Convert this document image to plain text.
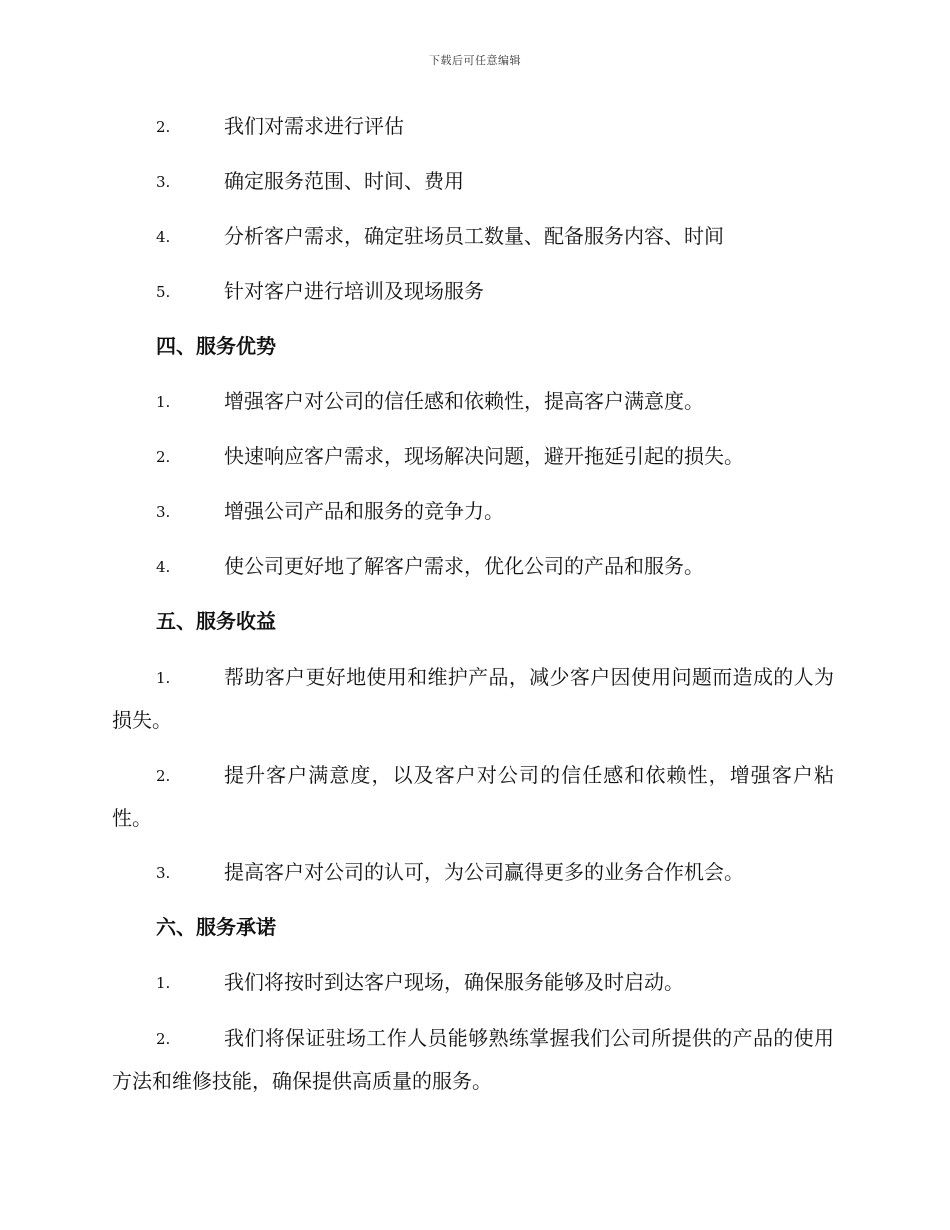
下载后可任意编辑
2.	我们对需求进行评估
3.	确定服务范围、时间、费用
4.	分析客户需求，确定驻场员工数量、配备服务内容、时间
5.	针对客户进行培训及现场服务
四、服务优势
1.	增强客户对公司的信任感和依赖性，提高客户满意度。
2.	快速响应客户需求，现场解决问题，避开拖延引起的损失。
3.	增强公司产品和服务的竞争力。
4.	使公司更好地了解客户需求，优化公司的产品和服务。
五、服务收益
1.	帮助客户更好地使用和维护产品，减少客户因使用问题而造成的人为损失。
2.	提升客户满意度，以及客户对公司的信任感和依赖性，增强客户粘性。
3.	提高客户对公司的认可，为公司赢得更多的业务合作机会。
六、服务承诺
1.	我们将按时到达客户现场，确保服务能够及时启动。
2.	我们将保证驻场工作人员能够熟练掌握我们公司所提供的产品的使用方法和维修技能，确保提供高质量的服务。
